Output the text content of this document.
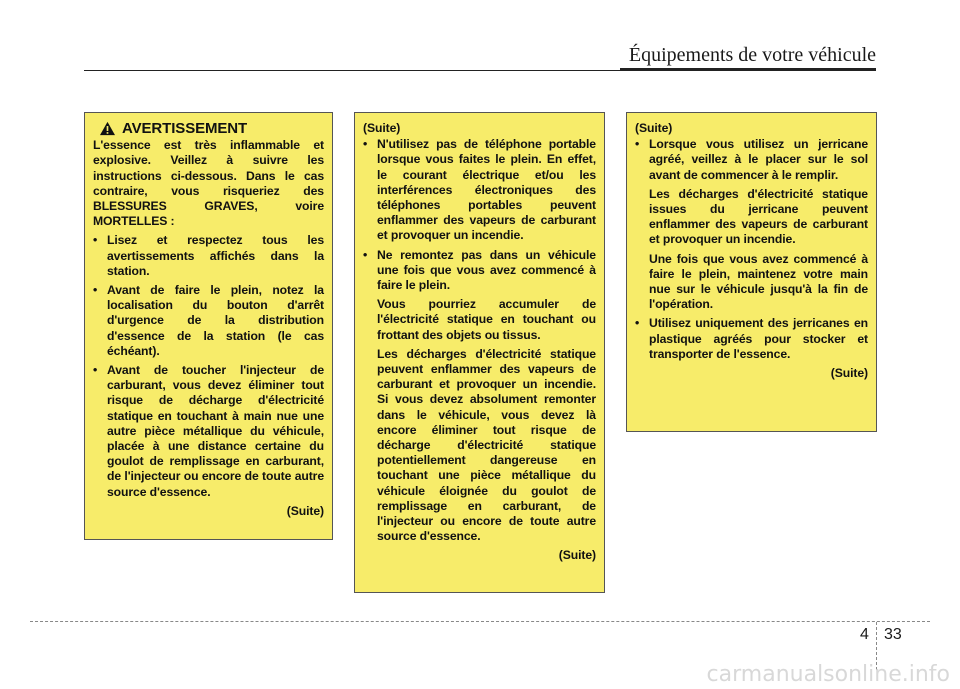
Équipements de votre véhicule
AVERTISSEMENT

L'essence est très inflammable et explosive. Veillez à suivre les instructions ci-dessous. Dans le cas contraire, vous risqueriez des BLESSURES GRAVES, voire MORTELLES :

• Lisez et respectez tous les avertissements affichés dans la station.
• Avant de faire le plein, notez la localisation du bouton d'arrêt d'urgence de la distribution d'essence de la station (le cas échéant).
• Avant de toucher l'injecteur de carburant, vous devez éliminer tout risque de décharge d'électricité statique en touchant à main nue une autre pièce métallique du véhicule, placée à une distance certaine du goulot de remplissage en carburant, de l'injecteur ou encore de toute autre source d'essence.

(Suite)

(Suite)

• N'utilisez pas de téléphone portable lorsque vous faites le plein. En effet, le courant électrique et/ou les interférences électroniques des téléphones portables peuvent enflammer des vapeurs de carburant et provoquer un incendie.
• Ne remontez pas dans un véhicule une fois que vous avez commencé à faire le plein.
Vous pourriez accumuler de l'électricité statique en touchant ou frottant des objets ou tissus.
Les décharges d'électricité statique peuvent enflammer des vapeurs de carburant et provoquer un incendie. Si vous devez absolument remonter dans le véhicule, vous devez là encore éliminer tout risque de décharge d'électricité statique potentiellement dangereuse en touchant une pièce métallique du véhicule éloignée du goulot de remplissage en carburant, de l'injecteur ou encore de toute autre source d'essence.

(Suite)

(Suite)

• Lorsque vous utilisez un jerricane agréé, veillez à le placer sur le sol avant de commencer à le remplir.
Les décharges d'électricité statique issues du jerricane peuvent enflammer des vapeurs de carburant et provoquer un incendie.
Une fois que vous avez commencé à faire le plein, maintenez votre main nue sur le véhicule jusqu'à la fin de l'opération.
• Utilisez uniquement des jerricanes en plastique agréés pour stocker et transporter de l'essence.

(Suite)

4 33
carmanualsonline.info
